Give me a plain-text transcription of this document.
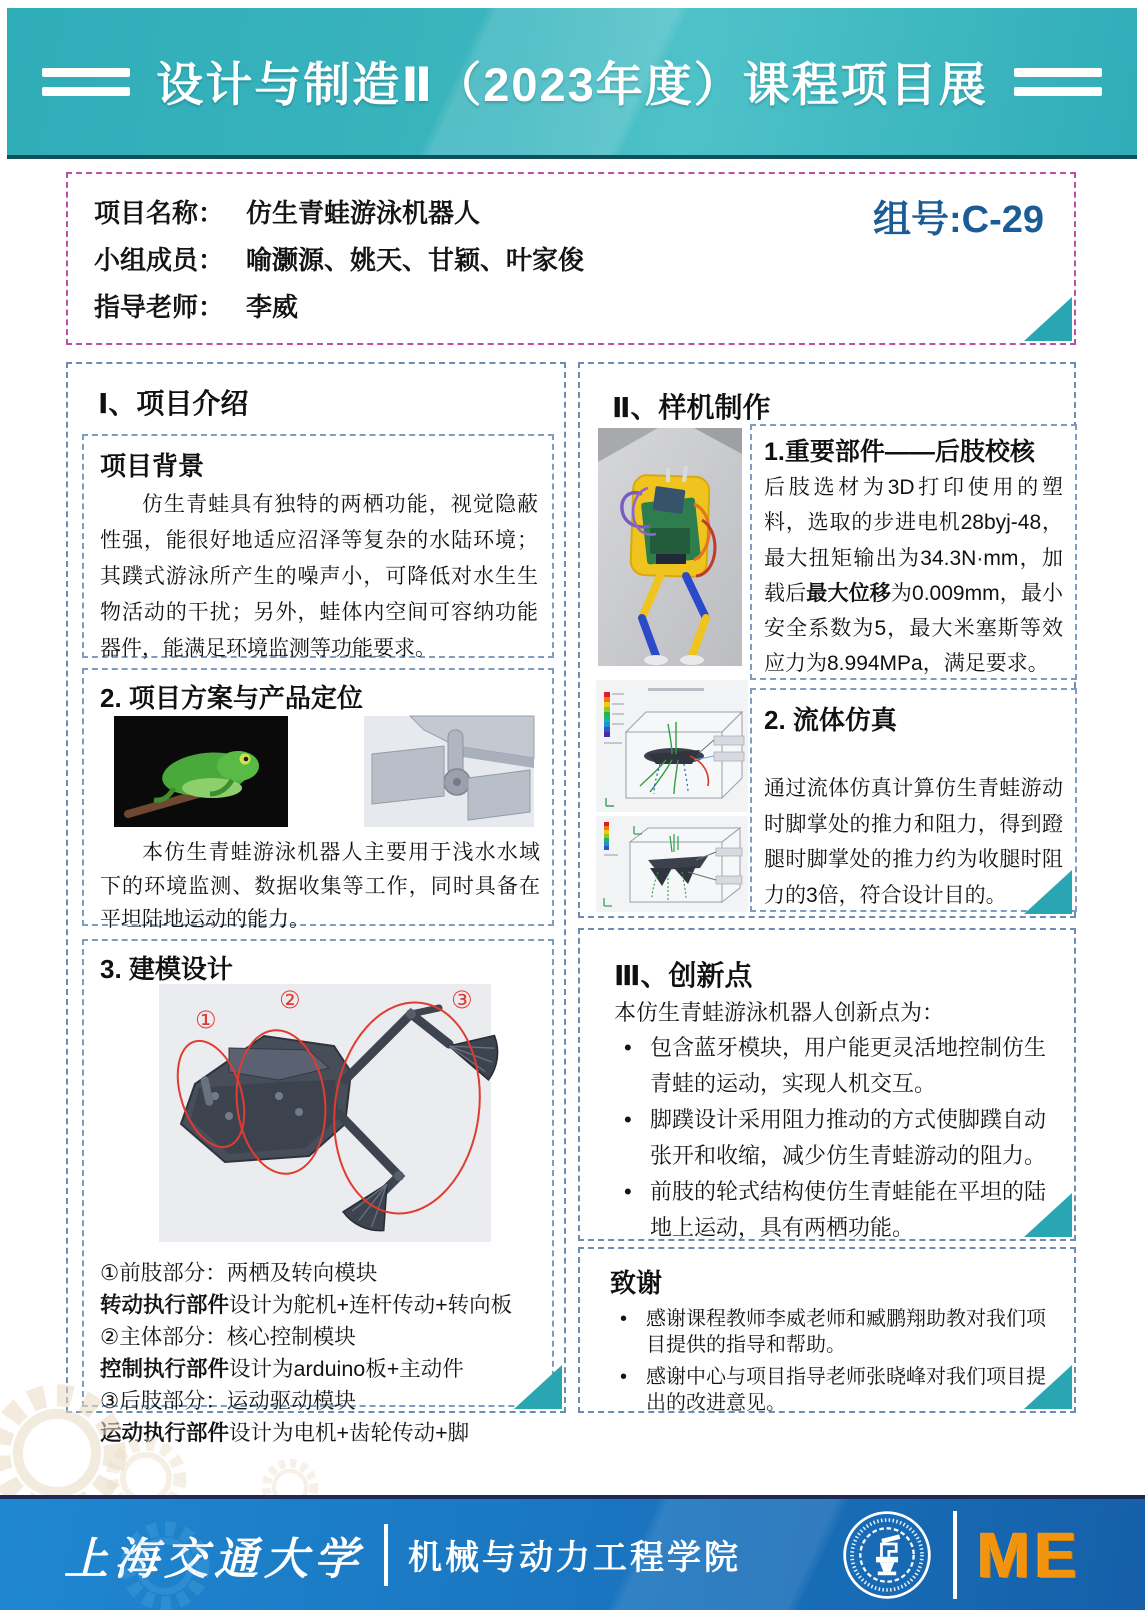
设计与制造Ⅱ（2023年度）课程项目展
项目名称： 仿生青蛙游泳机器人
小组成员： 喻灏源、姚天、甘颖、叶家俊
指导老师： 李威
组号:C-29
Ⅰ、项目介绍
项目背景
仿生青蛙具有独特的两栖功能，视觉隐蔽性强，能很好地适应沼泽等复杂的水陆环境；其蹼式游泳所产生的噪声小，可降低对水生生物活动的干扰；另外，蛙体内空间可容纳功能器件，能满足环境监测等功能要求。
2. 项目方案与产品定位
本仿生青蛙游泳机器人主要用于浅水水域下的环境监测、数据收集等工作，同时具备在平坦陆地运动的能力。
3. 建模设计
①
②	③
①前肢部分：两栖及转向模块
转动执行部件设计为舵机+连杆传动+转向板
②主体部分：核心控制模块
控制执行部件设计为arduino板+主动件
③后肢部分：运动驱动模块
运动执行部件设计为电机+齿轮传动+脚
Ⅱ、样机制作
1.重要部件——后肢校核
后肢选材为3D打印使用的塑料，选取的步进电机28byj-48，最大扭矩输出为34.3N·mm，加载后最大位移为0.009mm，最小安全系数为5，最大米塞斯等效应力为8.994MPa，满足要求。
2. 流体仿真
通过流体仿真计算仿生青蛙游动时脚掌处的推力和阻力，得到蹬腿时脚掌处的推力约为收腿时阻力的3倍，符合设计目的。
Ⅲ、创新点
本仿生青蛙游泳机器人创新点为：
• 包含蓝牙模块，用户能更灵活地控制仿生青蛙的运动，实现人机交互。
• 脚蹼设计采用阻力推动的方式使脚蹼自动张开和收缩，减少仿生青蛙游动的阻力。
• 前肢的轮式结构使仿生青蛙能在平坦的陆地上运动，具有两栖功能。
致谢
• 感谢课程教师李威老师和臧鹏翔助教对我们项目提供的指导和帮助。
• 感谢中心与项目指导老师张晓峰对我们项目提出的改进意见。
上海交通大学 机械与动力工程学院	ME
